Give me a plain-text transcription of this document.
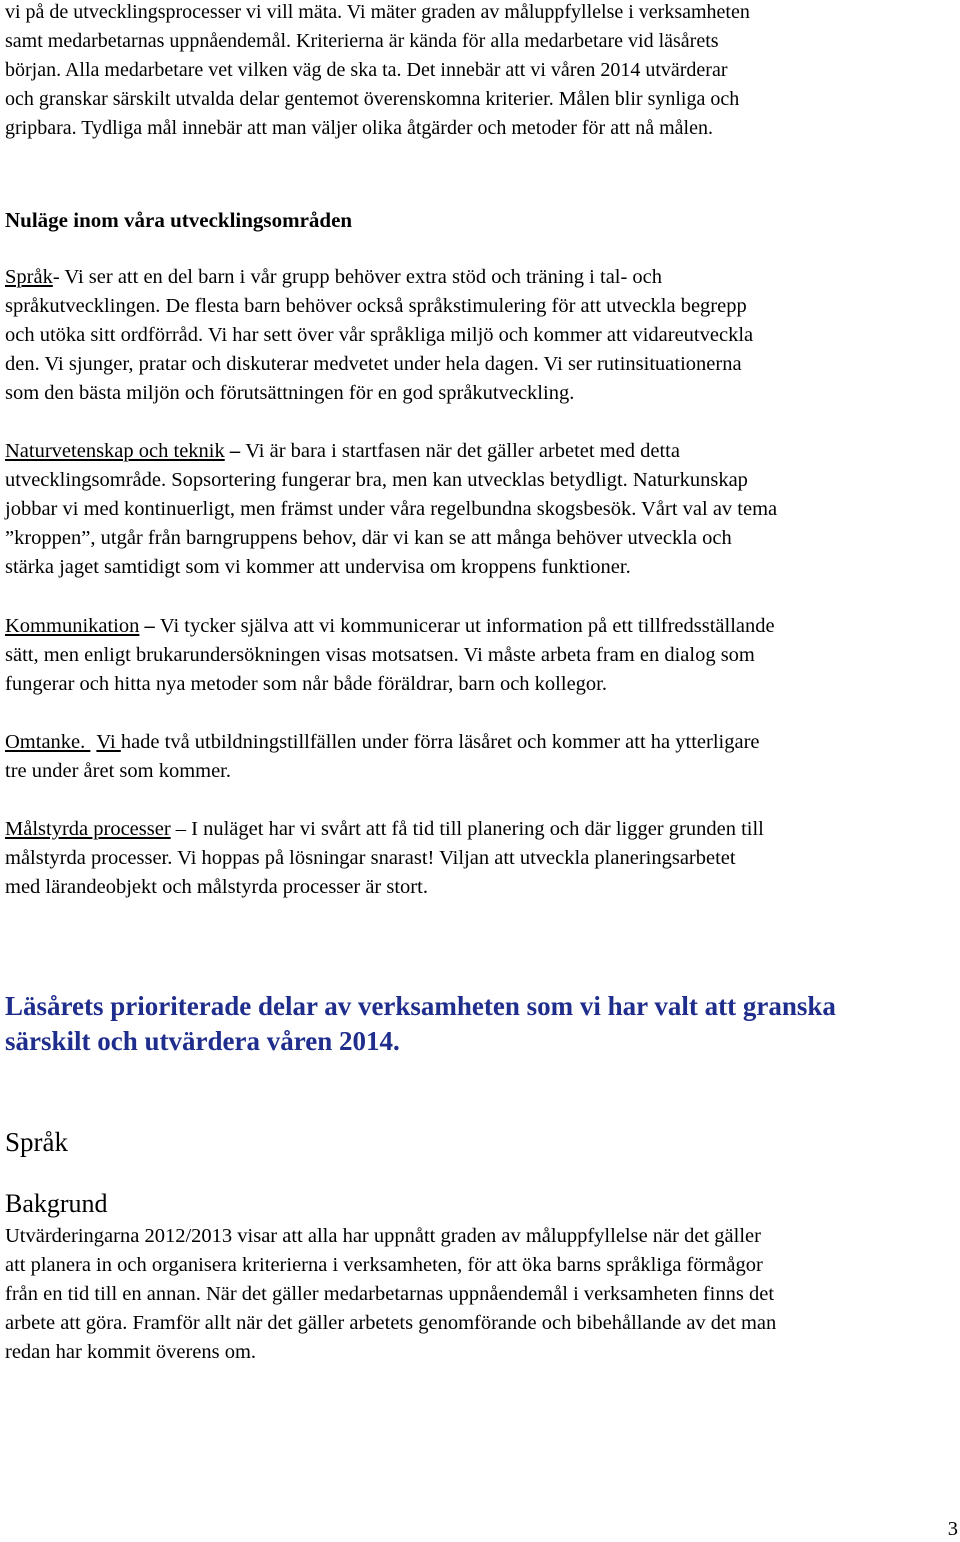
vi på de utvecklingsprocesser vi vill mäta. Vi mäter graden av måluppfyllelse i verksamheten

samt medarbetarnas uppnåendemål. Kriterierna är kända för alla medarbetare vid läsårets

början. Alla medarbetare vet vilken väg de ska ta. Det innebär att vi våren 2014 utvärderar

och granskar särskilt utvalda delar gentemot överenskomna kriterier. Målen blir synliga och

gripbara. Tydliga mål innebär att man väljer olika åtgärder och metoder för att nå målen.

Nuläge inom våra utvecklingsområden

Språk- Vi ser att en del barn i vår grupp behöver extra stöd och träning i tal- och

språkutvecklingen. De flesta barn behöver också språkstimulering för att utveckla begrepp

och utöka sitt ordförråd. Vi har sett över vår språkliga miljö och kommer att vidareutveckla

den. Vi sjunger, pratar och diskuterar medvetet under hela dagen. Vi ser rutinsituationerna

som den bästa miljön och förutsättningen för en god språkutveckling.

Naturvetenskap och teknik – Vi är bara i startfasen när det gäller arbetet med detta

utvecklingsområde. Sopsortering fungerar bra, men kan utvecklas betydligt. Naturkunskap

jobbar vi med kontinuerligt, men främst under våra regelbundna skogsbesök. Vårt val av tema

”kroppen”, utgår från barngruppens behov, där vi kan se att många behöver utveckla och

stärka jaget samtidigt som vi kommer att undervisa om kroppens funktioner.

Kommunikation – Vi tycker själva att vi kommunicerar ut information på ett tillfredsställande

sätt, men enligt brukarundersökningen visas motsatsen. Vi måste arbeta fram en dialog som

fungerar och hitta nya metoder som når både föräldrar, barn och kollegor.

Omtanke. Vi hade två utbildningstillfällen under förra läsåret och kommer att ha ytterligare

tre under året som kommer.

Målstyrda processer – I nuläget har vi svårt att få tid till planering och där ligger grunden till

målstyrda processer. Vi hoppas på lösningar snarast! Viljan att utveckla planeringsarbetet

med lärandeobjekt och målstyrda processer är stort.

Läsårets prioriterade delar av verksamheten som vi har valt att granska

särskilt och utvärdera våren 2014.

Språk

Bakgrund

Utvärderingarna 2012/2013 visar att alla har uppnått graden av måluppfyllelse när det gäller

att planera in och organisera kriterierna i verksamheten, för att öka barns språkliga förmågor

från en tid till en annan. När det gäller medarbetarnas uppnåendemål i verksamheten finns det

arbete att göra. Framför allt när det gäller arbetets genomförande och bibehållande av det man

redan har kommit överens om.

3
